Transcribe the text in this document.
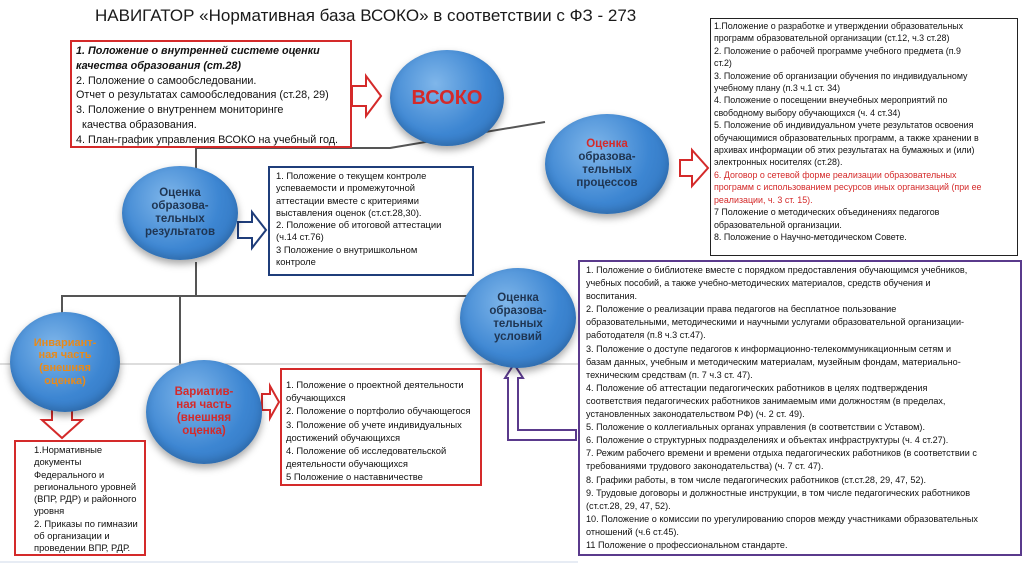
НАВИГАТОР «Нормативная база ВСОКО» в соответствии с ФЗ - 273
1. Положение о внутренней системе оценки
качества образования (ст.28)
2. Положение о самообследовании.
Отчет о результатах самообследования (ст.28, 29)
3. Положение о внутреннем мониторинге
качества образования.
4. План-график управления ВСОКО на учебный год.
ВСОКО
Оценка
образова-
тельных
процессов
Оценка
образова-
тельных
результатов
1. Положение о текущем контроле
успеваемости и промежуточной
аттестации вместе с критериями
выставления оценок (ст.ст.28,30).
2. Положение об итоговой аттестации
(ч.14 ст.76)
3 Положение о внутришкольном
контроле
1.Положение о разработке и утверждении образовательных
программ образовательной организации (ст.12, ч.3 ст.28)
2. Положение о рабочей программе учебного предмета (п.9
ст.2)
3. Положение об организации обучения по индивидуальному
учебному плану (п.3 ч.1 ст. 34)
4. Положение о посещении внеучебных мероприятий по
свободному выбору обучающихся (ч. 4 ст.34)
5. Положение об индивидуальном учете результатов освоения
обучающимися образовательных программ, а также хранении в
архивах информации об этих результатах на бумажных и (или)
электронных носителях (ст.28).
6. Договор о сетевой форме реализации образовательных
программ с использованием ресурсов иных организаций (при ее
реализации, ч. 3 ст. 15).
7 Положение о методических объединениях педагогов
образовательной организации.
8. Положение о Научно-методическом Совете.
Оценка
образова-
тельных
условий
1. Положение о библиотеке вместе с порядком предоставления обучающимся учебников,
учебных пособий, а также учебно-методических материалов, средств обучения и
воспитания.
2. Положение о реализации права педагогов на бесплатное пользование
образовательными, методическими и научными услугами образовательной организации-
работодателя (п.8 ч.3 ст.47).
3. Положение о доступе педагогов к информационно-телекоммуникационным сетям и
базам данных, учебным и методическим материалам, музейным фондам, материально-
техническим средствам (п. 7 ч.3 ст. 47).
4. Положение об аттестации педагогических работников в целях подтверждения
соответствия педагогических работников занимаемым ими должностям (в пределах,
установленных законодательством РФ) (ч. 2 ст. 49).
5. Положение о коллегиальных органах управления (в соответствии с Уставом).
6. Положение о структурных подразделениях и объектах инфраструктуры (ч. 4 ст.27).
7. Режим рабочего времени и времени отдыха педагогических работников (в соответствии с
требованиями трудового законодательства) (ч. 7 ст. 47).
8. Графики работы, в том числе педагогических работников (ст.ст.28, 29, 47, 52).
9. Трудовые договоры и должностные инструкции, в том числе педагогических работников
(ст.ст.28, 29, 47, 52).
10. Положение о комиссии по урегулированию споров между участниками образовательных
отношений (ч.6 ст.45).
11 Положение о профессиональном стандарте.
Инвариант-
ная часть
(внешняя
оценка)
Вариатив-
ная часть
(внешняя
оценка)
1. Положение о проектной деятельности
обучающихся
2. Положение о портфолио обучающегося
3. Положение об учете индивидуальных
достижений обучающихся
4. Положение об исследовательской
деятельности обучающихся
5 Положение о наставничестве
1.Нормативные
документы
Федерального и
регионального уровней
(ВПР, РДР) и районного
уровня
2. Приказы по гимназии
об организации и
проведении ВПР, РДР.
